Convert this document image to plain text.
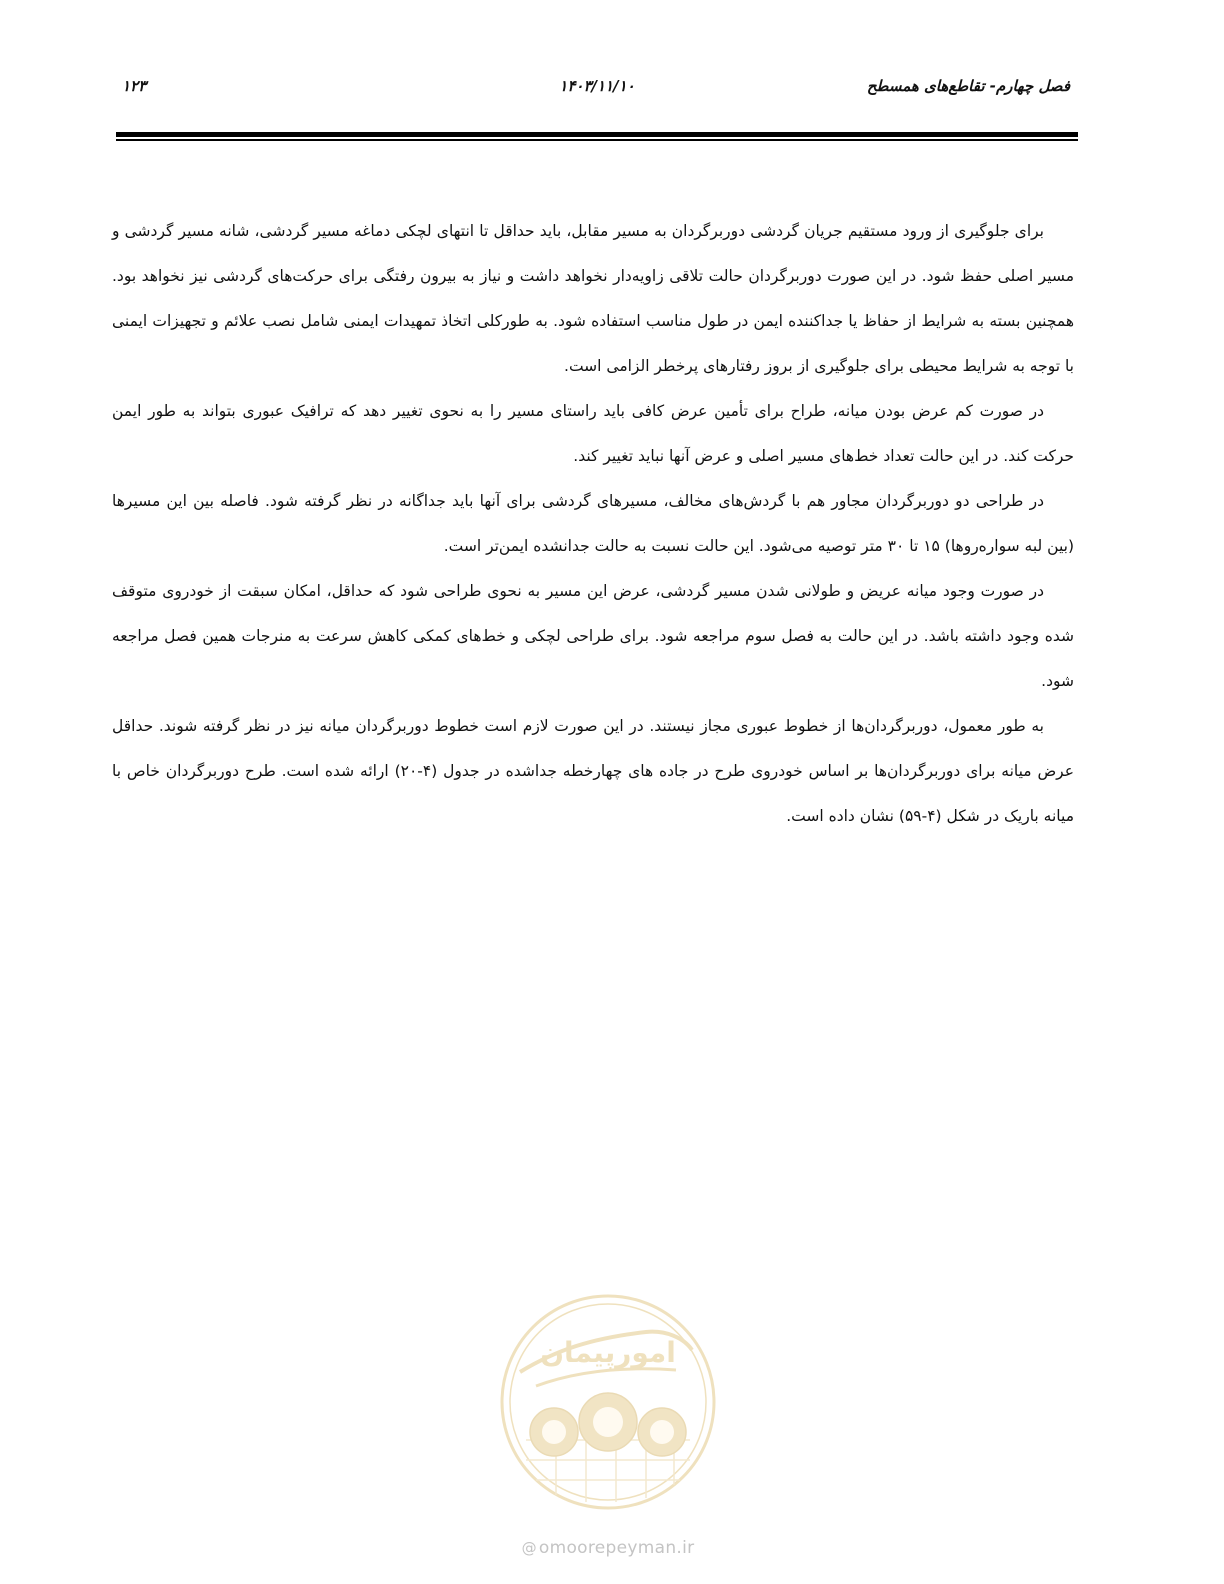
فصل چهارم- تقاطع‌های همسطح
۱۴۰۳/۱۱/۱۰
۱۲۳

برای جلوگیری از ورود مستقیم جریان گردشی دوربرگردان به مسیر مقابل، باید حداقل تا انتهای لچکی دماغه مسیر گردشی، شانه مسیر گردشی و مسیر اصلی حفظ شود. در این صورت دوربرگردان حالت تلاقی زاویه‌دار نخواهد داشت و نیاز به بیرون رفتگی برای حرکت‌های گردشی نیز نخواهد بود. همچنین بسته به شرایط از حفاظ یا جداکننده ایمن در طول مناسب استفاده شود. به طورکلی اتخاذ تمهیدات ایمنی شامل نصب علائم و تجهیزات ایمنی با توجه به شرایط محیطی برای جلوگیری از بروز رفتارهای پرخطر الزامی است.

در صورت کم عرض بودن میانه، طراح برای تأمین عرض کافی باید راستای مسیر را به نحوی تغییر دهد که ترافیک عبوری بتواند به طور ایمن حرکت کند. در این حالت تعداد خط‌های مسیر اصلی و عرض آنها نباید تغییر کند.

در طراحی دو دوربرگردان مجاور هم با گردش‌های مخالف، مسیرهای گردشی برای آنها باید جداگانه در نظر گرفته شود. فاصله بین این مسیرها (بین لبه سواره‌روها) ۱۵ تا ۳۰ متر توصیه می‌شود. این حالت نسبت به حالت جدانشده ایمن‌تر است.

در صورت وجود میانه عریض و طولانی شدن مسیر گردشی، عرض این مسیر به نحوی طراحی شود که حداقل، امکان سبقت از خودروی متوقف شده وجود داشته باشد. در این حالت به فصل سوم مراجعه شود. برای طراحی لچکی و خط‌های کمکی کاهش سرعت به منرجات همین فصل مراجعه شود.

به طور معمول، دوربرگردان‌ها از خطوط عبوری مجاز نیستند. در این صورت لازم است خطوط دوربرگردان میانه نیز در نظر گرفته شوند. حداقل عرض میانه برای دوربرگردان‌ها بر اساس خودروی طرح در جاده های چهارخطه جداشده در جدول (۴-۲۰) ارائه شده است. طرح دوربرگردان خاص با میانه باریک در شکل (۴-۵۹) نشان داده است.

امورپیمان
@ omoorepeyman.ir
